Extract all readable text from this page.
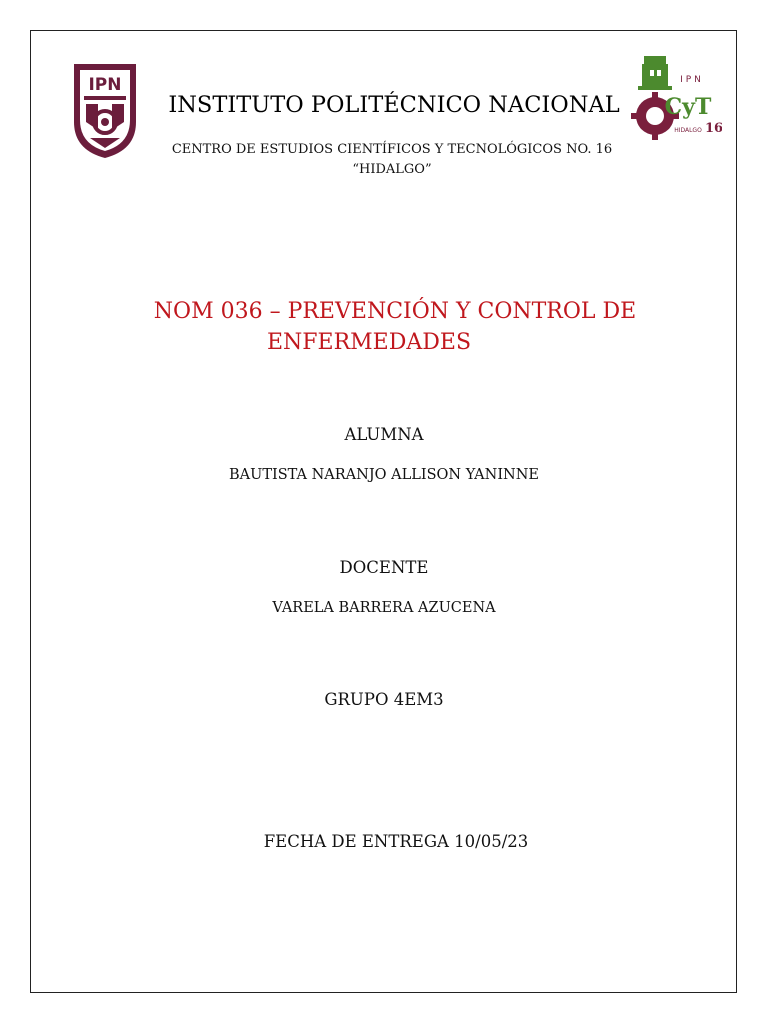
IPN	IPN
CyT
16
HIDALGO
INSTITUTO POLITÉCNICO NACIONAL
CENTRO DE ESTUDIOS CIENTÍFICOS Y TECNOLÓGICOS NO. 16
“HIDALGO”
NOM 036 – PREVENCIÓN Y CONTROL DE
ENFERMEDADES
ALUMNA
BAUTISTA NARANJO ALLISON YANINNE
DOCENTE
VARELA BARRERA AZUCENA
GRUPO 4EM3
FECHA DE ENTREGA 10/05/23
